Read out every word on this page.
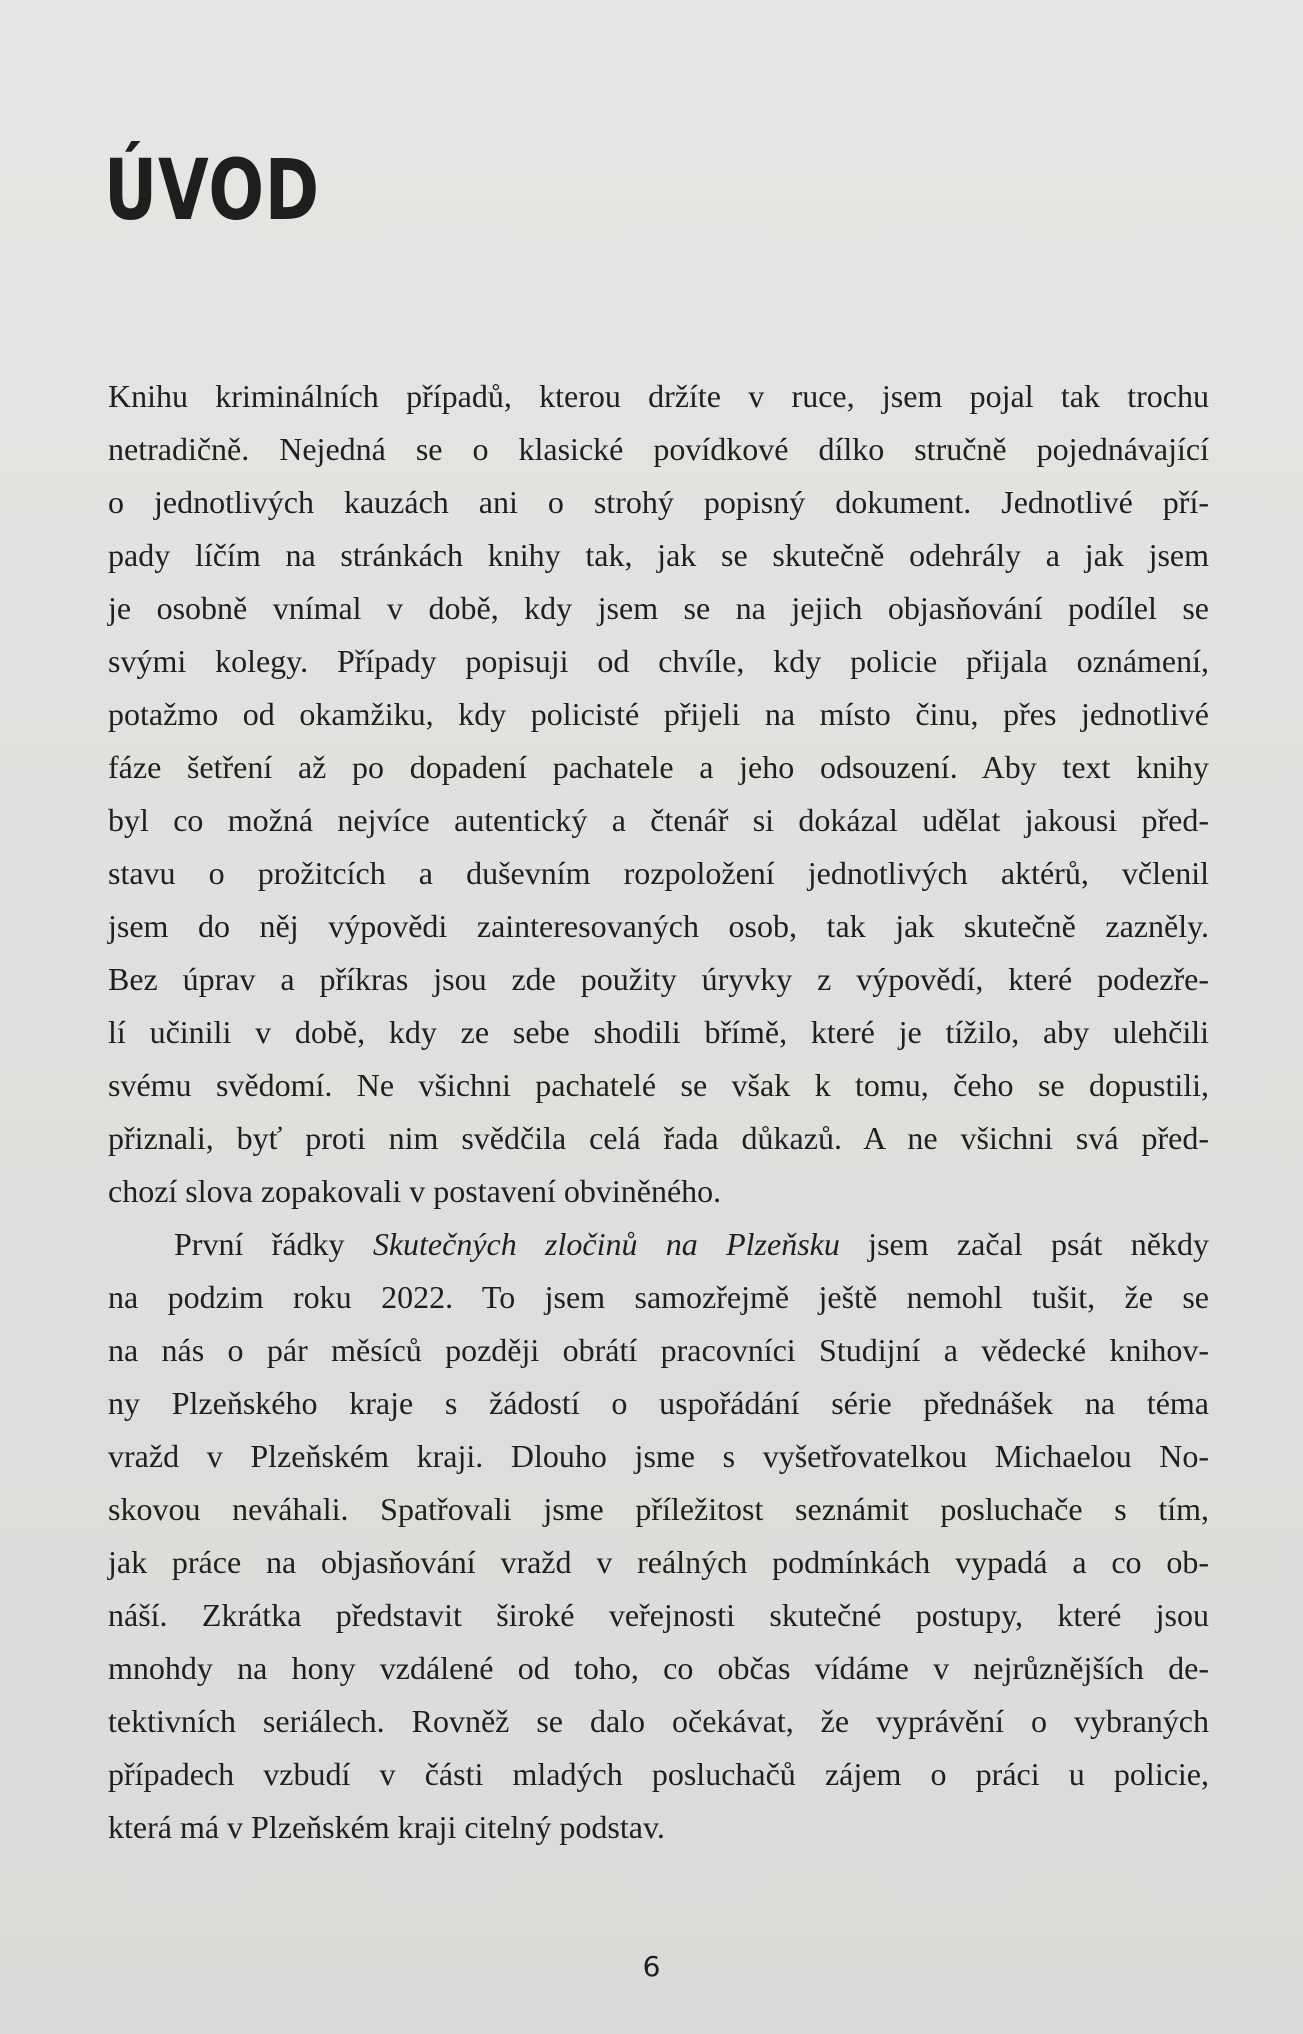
ÚVOD
Knihu kriminálních případů, kterou držíte v ruce, jsem pojal tak trochu
netradičně. Nejedná se o klasické povídkové dílko stručně pojednávající
o jednotlivých kauzách ani o strohý popisný dokument. Jednotlivé pří-
pady líčím na stránkách knihy tak, jak se skutečně odehrály a jak jsem
je osobně vnímal v době, kdy jsem se na jejich objasňování podílel se
svými kolegy. Případy popisuji od chvíle, kdy policie přijala oznámení,
potažmo od okamžiku, kdy policisté přijeli na místo činu, přes jednotlivé
fáze šetření až po dopadení pachatele a jeho odsouzení. Aby text knihy
byl co možná nejvíce autentický a čtenář si dokázal udělat jakousi před-
stavu o prožitcích a duševním rozpoložení jednotlivých aktérů, včlenil
jsem do něj výpovědi zainteresovaných osob, tak jak skutečně zazněly.
Bez úprav a příkras jsou zde použity úryvky z výpovědí, které podezře-
lí učinili v době, kdy ze sebe shodili břímě, které je tížilo, aby ulehčili
svému svědomí. Ne všichni pachatelé se však k tomu, čeho se dopustili,
přiznali, byť proti nim svědčila celá řada důkazů. A ne všichni svá před-
chozí slova zopakovali v postavení obviněného.
První řádky Skutečných zločinů na Plzeňsku jsem začal psát někdy
na podzim roku 2022. To jsem samozřejmě ještě nemohl tušit, že se
na nás o pár měsíců později obrátí pracovníci Studijní a vědecké knihov-
ny Plzeňského kraje s žádostí o uspořádání série přednášek na téma
vražd v Plzeňském kraji. Dlouho jsme s vyšetřovatelkou Michaelou No-
skovou neváhali. Spatřovali jsme příležitost seznámit posluchače s tím,
jak práce na objasňování vražd v reálných podmínkách vypadá a co ob-
náší. Zkrátka představit široké veřejnosti skutečné postupy, které jsou
mnohdy na hony vzdálené od toho, co občas vídáme v nejrůznějších de-
tektivních seriálech. Rovněž se dalo očekávat, že vyprávění o vybraných
případech vzbudí v části mladých posluchačů zájem o práci u policie,
která má v Plzeňském kraji citelný podstav.

6
